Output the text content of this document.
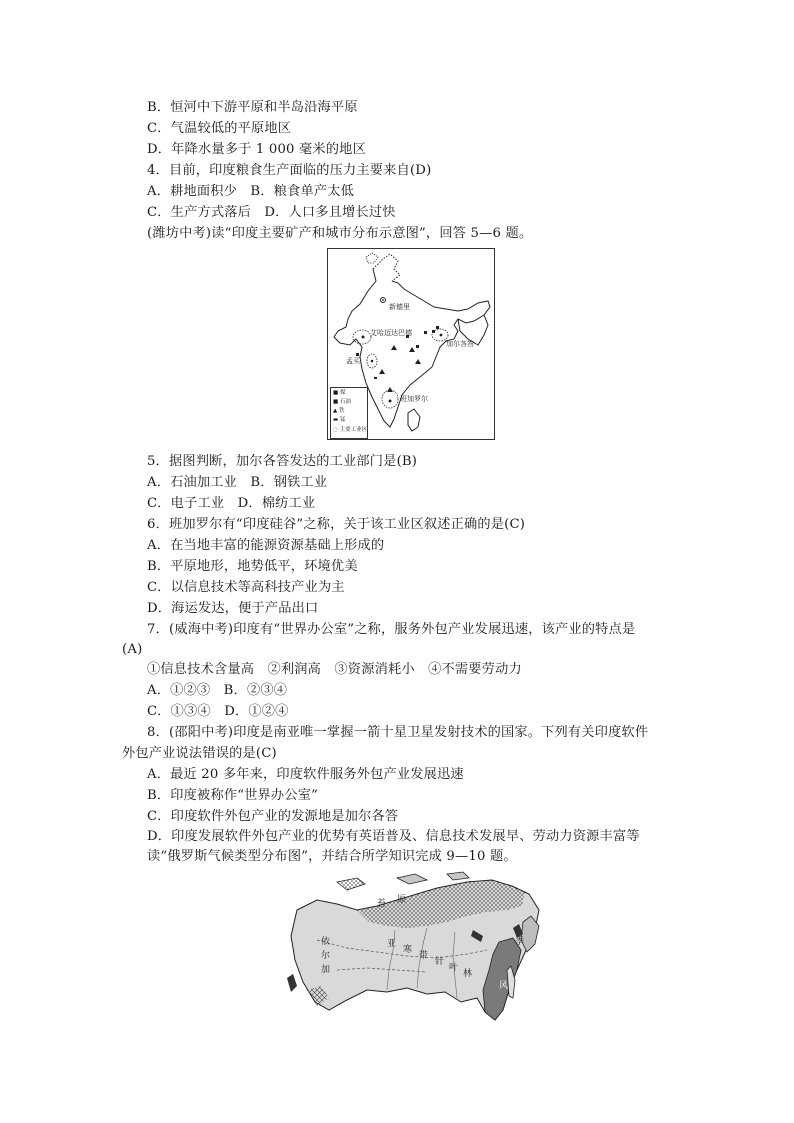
B．恒河中下游平原和半岛沿海平原
C．气温较低的平原地区
D．年降水量多于 1 000 毫米的地区
4．目前，印度粮食生产面临的压力主要来自(D)
A．耕地面积少　B．粮食单产太低
C．生产方式落后　D．人口多且增长过快
(潍坊中考)读“印度主要矿产和城市分布示意图”，回答 5—6 题。
新德里
艾哈迈达巴德
加尔各答
孟买
班加罗尔
■ 煤
■ 石油
▲ 铁
▬ 锰
◌ 主要工业区
5．据图判断，加尔各答发达的工业部门是(B)
A．石油加工业　B．钢铁工业
C．电子工业　D．棉纺工业
6．班加罗尔有“印度硅谷”之称，关于该工业区叙述正确的是(C)
A．在当地丰富的能源资源基础上形成的
B．平原地形，地势低平，环境优美
C．以信息技术等高科技产业为主
D．海运发达，便于产品出口
7．(威海中考)印度有“世界办公室”之称，服务外包产业发展迅速，该产业的特点是
(A)
①信息技术含量高　②利润高　③资源消耗小　④不需要劳动力
A．①②③　B．②③④
C．①③④　D．①②④
8．(邵阳中考)印度是南亚唯一掌握一箭十星卫星发射技术的国家。下列有关印度软件
外包产业说法错误的是(C)
A．最近 20 多年来，印度软件服务外包产业发展迅速
B．印度被称作“世界办公室”
C．印度软件外包产业的发源地是加尔各答
D．印度发展软件外包产业的优势有英语普及、信息技术发展早、劳动力资源丰富等
读“俄罗斯气候类型分布图”，并结合所学知识完成 9—10 题。
苔 原
亚
寒
带
针
叶
林
依
尔
加
季
风
